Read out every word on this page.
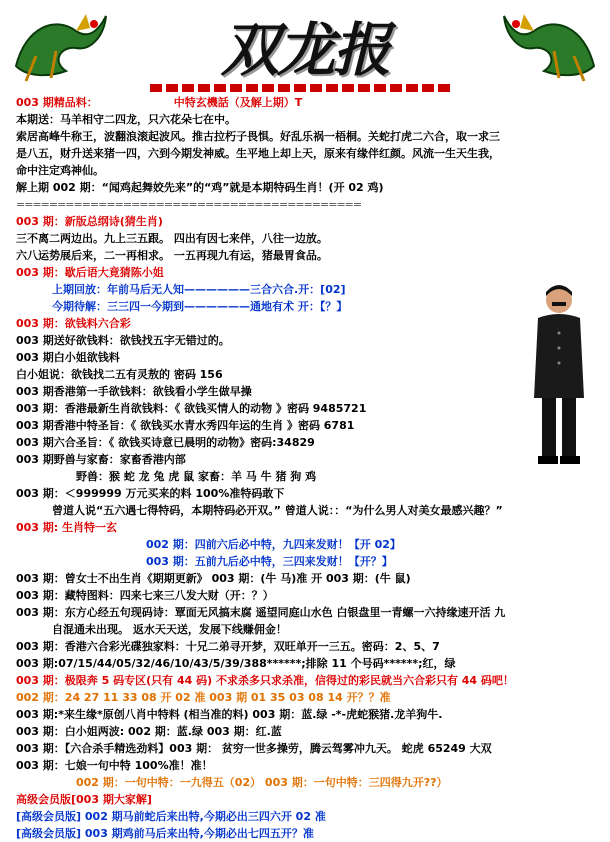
双龙报
003 期精品料：	中特玄機話（及解上期）T
本期送：马羊相守二四龙，只六花朵七在中。
索居高峰牛称王，波翻浪滚起波风。推古拉朽子畏惧。好乱乐祸一梧桐。关蛇打虎二六合，取一求三
是八五，财升送来猪一四，六到今期发神威。生平地上却上天，原来有缘伴红颜。风流一生天生我，
命中注定鸡神仙。
解上期 002 期：“闻鸡起舞姣先来”的“鸡”就是本期特码生肖！(开 02 鸡)
==========================================
003 期：新版总纲诗(猜生肖)
三不离二两边出。九上三五跟。 四出有因七来伴，八往一边放。
六八运势展后来，二一再相求。 一五再现九有运，猪最胃食品。
003 期：歇后语大竟猜陈小姐
上期回放：年前马后无人知——————三合六合.开：[02]
今期待解：三三四一今期到——————通地有术 开：【？】
003 期：欲钱料六合彩
003 期送好欲钱料：欲钱找五字无错过的。
003 期白小姐欲钱料
白小姐说：欲钱找二五有灵敖的 密码 156
003 期香港第一手欲钱料：欲钱看小学生做早操
003 期：香港最新生肖欲钱料：《 欲钱买情人的动物 》密码 9485721
003 期香港中特圣旨：《 欲钱买水青水秀四年运的生肖 》密码 6781
003 期六合圣旨：《 欲钱买诗意已晨明的动物》密码:34829
003 期野兽与家畜：家畜香港内部
野兽：猴 蛇 龙 兔 虎 鼠 家畜：羊 马 牛 猪 狗 鸡
003 期：＜999999 万元买来的料 100%准特码敢下
曾道人说“五六遇七得特码，本期特码必开双。” 曾道人说：：“为什么男人对美女最感兴趣？”
003 期: 生肖特一玄
002 期：四前六后必中特，九四来发财！【开 02】
003 期：五前九后必中特，三四来发财！【开？】
003 期：曾女士不出生肖《期期更新》 003 期：(牛 马)准 开 003 期：(牛 鼠)
003 期：藏特图料：四来七来三八发大财（开：？）
003 期：东方心经五句现码诗：覃面无风搞末腐 遥望同庭山水色 白银盘里一青螺一六持缘速开活 九
自混通未出现。 返水天天送，发展下线赚佣金！
003 期：香港六合彩光碟独家料：十兄二弟寻开梦，双旺单开一三五。密码：2、5、7
003 期:07/15/44/05/32/46/10/43/5/39/388******;排除 11 个号码******;红，绿
003 期：极限奔 5 码专区(只有 44 码) 不求杀多只求杀准，信得过的彩民就当六合彩只有 44 码吧！
002 期：24 27 11 33 08 开 02 准 003 期 01 35 03 08 14 开？？准
003 期:*来生缘*原创八肖中特料 (相当准的料) 003 期：蓝.绿 -*-虎蛇猴猪.龙羊狗牛.
003 期：白小姐两波: 002 期：蓝.绿 003 期：红.蓝
003 期：【六合杀手精选劲料】003 期： 贫穷一世多操劳，腾云驾雾冲九天。 蛇虎 65249 大双
003 期：七娘一句中特 100%准！准！
002 期：一句中特：一九得五（02） 003 期：一句中特：三四得九开??）
高级会员版[003 期大家解]
[高级会员版] 002 期马前蛇后来出特,今期必出三四六开 02 准
[高级会员版] 003 期鸡前马后来出特,今期必出七四五开？准
